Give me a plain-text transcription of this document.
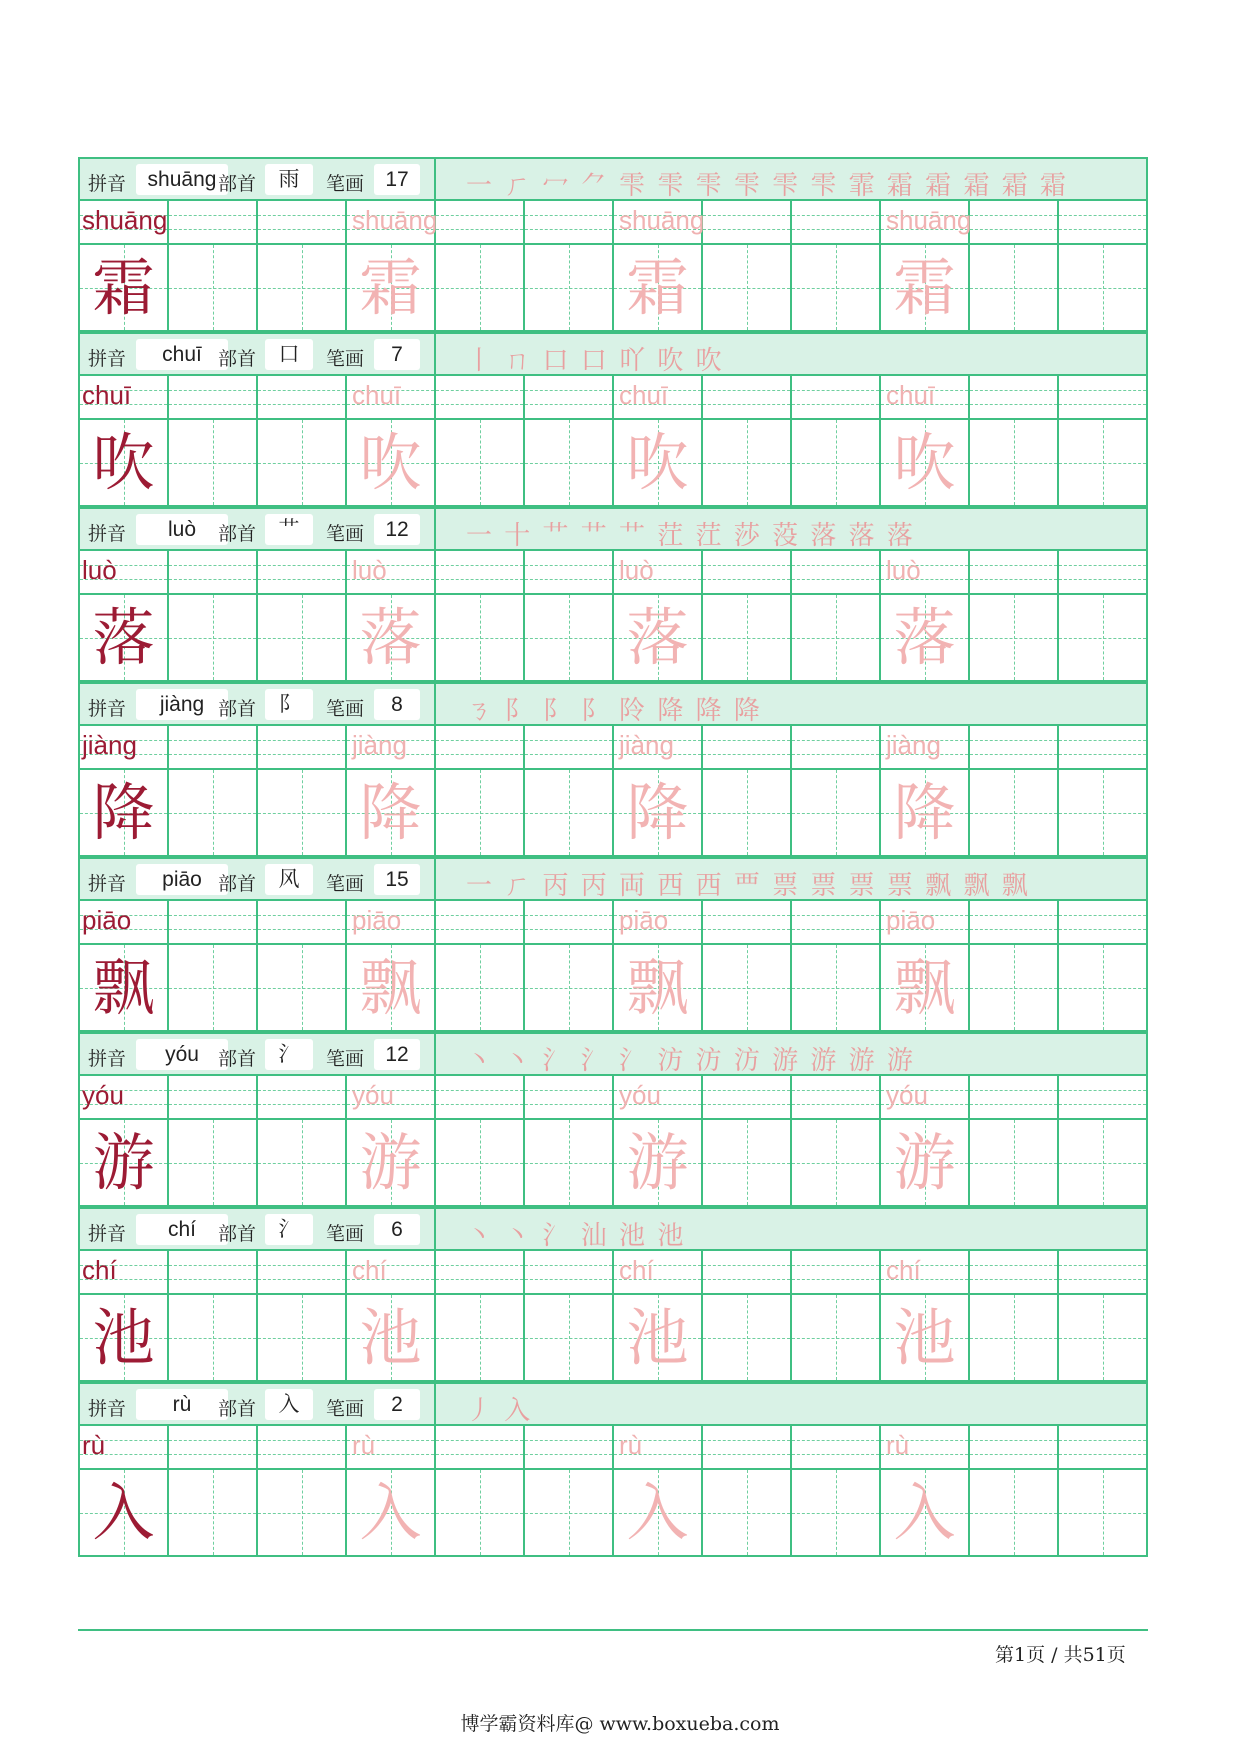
拼音	shuāng 部首	雨	笔画	17	一 ㄏ 冖 ⺈ 雫 雫 雫 雫 雫 雫 霏 霜 霜 霜 霜 霜
shuāng	shuāng	shuāng	shuāng
霜	霜	霜	霜
拼音	chuī 部首	口	笔画	7	丨 ㄇ 口 口 吖 吹 吹
chuī	chuī	chuī	chuī
吹	吹	吹	吹
拼音	luò	部首	艹	笔画	12	一 十 艹 艹 艹 茳 茳 莎 莈 落 落 落
luò	luò	luò	luò
落	落	落	落
拼音	jiàng 部首	阝	笔画	8	ㄋ 阝 阝 阝 阾 降 降 降
jiàng	jiàng	jiàng	jiàng
降	降	降	降
拼音	piāo 部首	风	笔画	15	一 ㄏ 丙 丙 両 西 西 覀 票 票 票 票 飘 飘 飘
piāo	piāo	piāo	piāo
飘	飘	飘	飘
拼音	yóu	部首	氵	笔画	12	丶 丶 氵 氵 氵 汸 汸 汸 游 游 游 游
yóu	yóu	yóu	yóu
游	游	游	游
拼音	chí	部首	氵	笔画	6	丶 丶 氵 汕 池 池
chí	chí	chí	chí
池	池	池	池
拼音	rù	部首	入	笔画	2	丿 入
rù	rù	rù	rù
入	入	入	入
第1页 / 共51页
博学霸资料库@ www.boxueba.com
